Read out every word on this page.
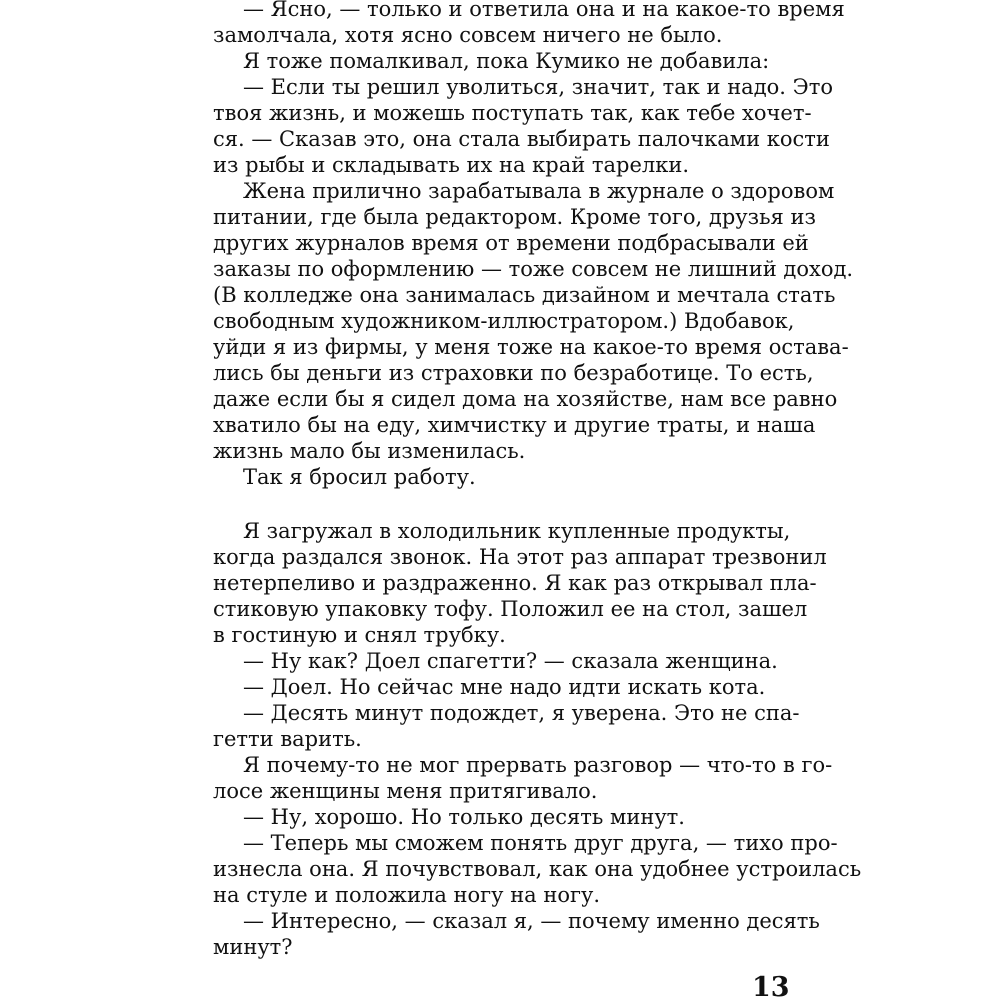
— Ясно, — только и ответила она и на какое-то время
замолчала, хотя ясно совсем ничего не было.
Я тоже помалкивал, пока Кумико не добавила:
— Если ты решил уволиться, значит, так и надо. Это
твоя жизнь, и можешь поступать так, как тебе хочет-
ся. — Сказав это, она стала выбирать палочками кости
из рыбы и складывать их на край тарелки.
Жена прилично зарабатывала в журнале о здоровом
питании, где была редактором. Кроме того, друзья из
других журналов время от времени подбрасывали ей
заказы по оформлению — тоже совсем не лишний доход.
(В колледже она занималась дизайном и мечтала стать
свободным художником-иллюстратором.) Вдобавок,
уйди я из фирмы, у меня тоже на какое-то время остава-
лись бы деньги из страховки по безработице. То есть,
даже если бы я сидел дома на хозяйстве, нам все равно
хватило бы на еду, химчистку и другие траты, и наша
жизнь мало бы изменилась.
Так я бросил работу.
Я загружал в холодильник купленные продукты,
когда раздался звонок. На этот раз аппарат трезвонил
нетерпеливо и раздраженно. Я как раз открывал пла-
стиковую упаковку тофу. Положил ее на стол, зашел
в гостиную и снял трубку.
— Ну как? Доел спагетти? — сказала женщина.
— Доел. Но сейчас мне надо идти искать кота.
— Десять минут подождет, я уверена. Это не спа-
гетти варить.
Я почему-то не мог прервать разговор — что-то в го-
лосе женщины меня притягивало.
— Ну, хорошо. Но только десять минут.
— Теперь мы сможем понять друг друга, — тихо про-
изнесла она. Я почувствовал, как она удобнее устроилась
на стуле и положила ногу на ногу.
— Интересно, — сказал я, — почему именно десять
минут?
13
